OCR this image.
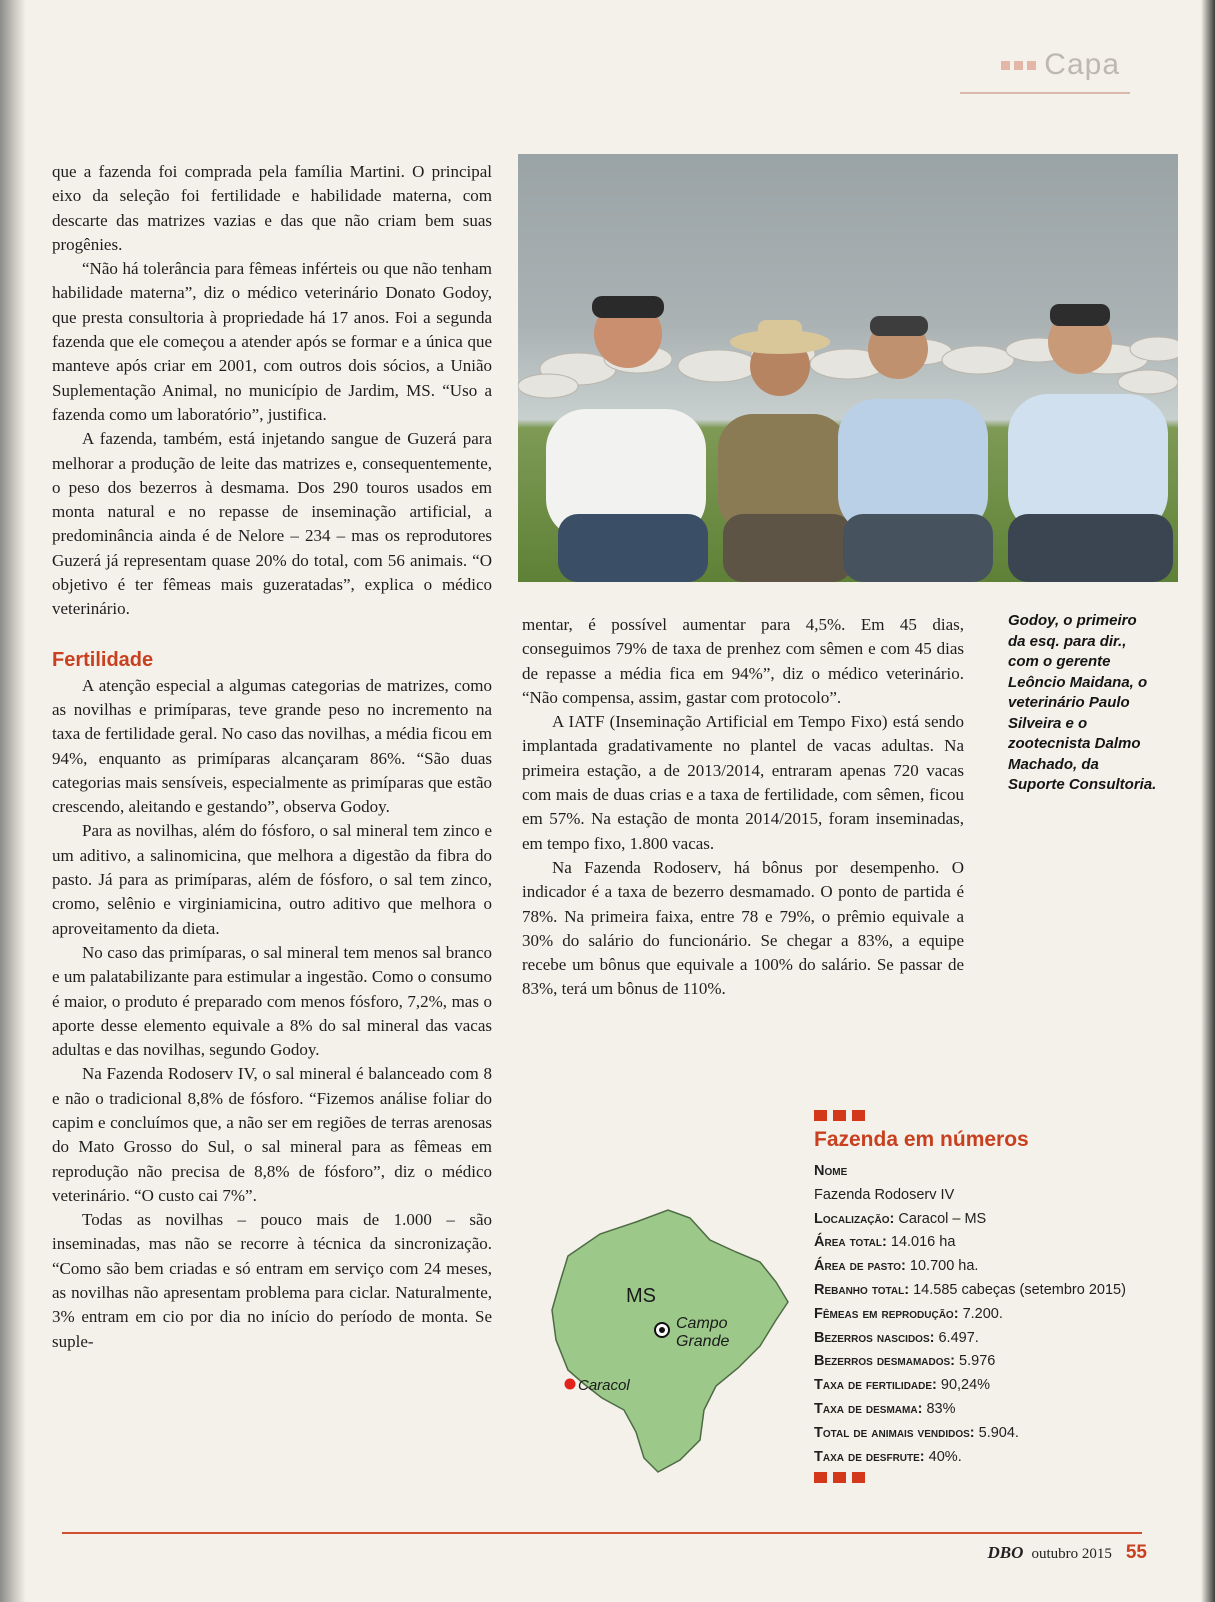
Capa

que a fazenda foi comprada pela família Martini. O principal eixo da seleção foi fertilidade e habilidade materna, com descarte das matrizes vazias e das que não criam bem suas progênies.

“Não há tolerância para fêmeas inférteis ou que não tenham habilidade materna”, diz o médico veterinário Donato Godoy, que presta consultoria à propriedade há 17 anos. Foi a segunda fazenda que ele começou a atender após se formar e a única que manteve após criar em 2001, com outros dois sócios, a União Suplementação Animal, no município de Jardim, MS. “Uso a fazenda como um laboratório”, justifica.

A fazenda, também, está injetando sangue de Guzerá para melhorar a produção de leite das matrizes e, consequentemente, o peso dos bezerros à desmama. Dos 290 touros usados em monta natural e no repasse de inseminação artificial, a predominância ainda é de Nelore – 234 – mas os reprodutores Guzerá já representam quase 20% do total, com 56 animais. “O objetivo é ter fêmeas mais guzeratadas”, explica o médico veterinário.

Fertilidade

A atenção especial a algumas categorias de matrizes, como as novilhas e primíparas, teve grande peso no incremento na taxa de fertilidade geral. No caso das novilhas, a média ficou em 94%, enquanto as primíparas alcançaram 86%. “São duas categorias mais sensíveis, especialmente as primíparas que estão crescendo, aleitando e gestando”, observa Godoy.

Para as novilhas, além do fósforo, o sal mineral tem zinco e um aditivo, a salinomicina, que melhora a digestão da fibra do pasto. Já para as primíparas, além de fósforo, o sal tem zinco, cromo, selênio e virginiamicina, outro aditivo que melhora o aproveitamento da dieta.

No caso das primíparas, o sal mineral tem menos sal branco e um palatabilizante para estimular a ingestão. Como o consumo é maior, o produto é preparado com menos fósforo, 7,2%, mas o aporte desse elemento equivale a 8% do sal mineral das vacas adultas e das novilhas, segundo Godoy.

Na Fazenda Rodoserv IV, o sal mineral é balanceado com 8 e não o tradicional 8,8% de fósforo. “Fizemos análise foliar do capim e concluímos que, a não ser em regiões de terras arenosas do Mato Grosso do Sul, o sal mineral para as fêmeas em reprodução não precisa de 8,8% de fósforo”, diz o médico veterinário. “O custo cai 7%”.

Todas as novilhas – pouco mais de 1.000 – são inseminadas, mas não se recorre à técnica da sincronização. “Como são bem criadas e só entram em serviço com 24 meses, as novilhas não apresentam problema para ciclar. Naturalmente, 3% entram em cio por dia no início do período de monta. Se suple-

Godoy, o primeiro da esq. para dir., com o gerente Leôncio Maidana, o veterinário Paulo Silveira e o zootecnista Dalmo Machado, da Suporte Consultoria.

mentar, é possível aumentar para 4,5%. Em 45 dias, conseguimos 79% de taxa de prenhez com sêmen e com 45 dias de repasse a média fica em 94%”, diz o médico veterinário. “Não compensa, assim, gastar com protocolo”.

A IATF (Inseminação Artificial em Tempo Fixo) está sendo implantada gradativamente no plantel de vacas adultas. Na primeira estação, a de 2013/2014, entraram apenas 720 vacas com mais de duas crias e a taxa de fertilidade, com sêmen, ficou em 57%. Na estação de monta 2014/2015, foram inseminadas, em tempo fixo, 1.800 vacas.

Na Fazenda Rodoserv, há bônus por desempenho. O indicador é a taxa de bezerro desmamado. O ponto de partida é 78%. Na primeira faixa, entre 78 e 79%, o prêmio equivale a 30% do salário do funcionário. Se chegar a 83%, a equipe recebe um bônus que equivale a 100% do salário. Se passar de 83%, terá um bônus de 110%.

Fazenda em números
Nome
Fazenda Rodoserv IV
Localização: Caracol – MS
Área total: 14.016 ha
Área de pasto: 10.700 ha.
Rebanho total: 14.585 cabeças (setembro 2015)
Fêmeas em reprodução: 7.200.
Bezerros nascidos: 6.497.
Bezerros desmamados: 5.976
Taxa de fertilidade: 90,24%
Taxa de desmama: 83%
Total de animais vendidos: 5.904.
Taxa de desfrute: 40%.
MS
Campo
Grande
Caracol
DBO outubro 2015 55
